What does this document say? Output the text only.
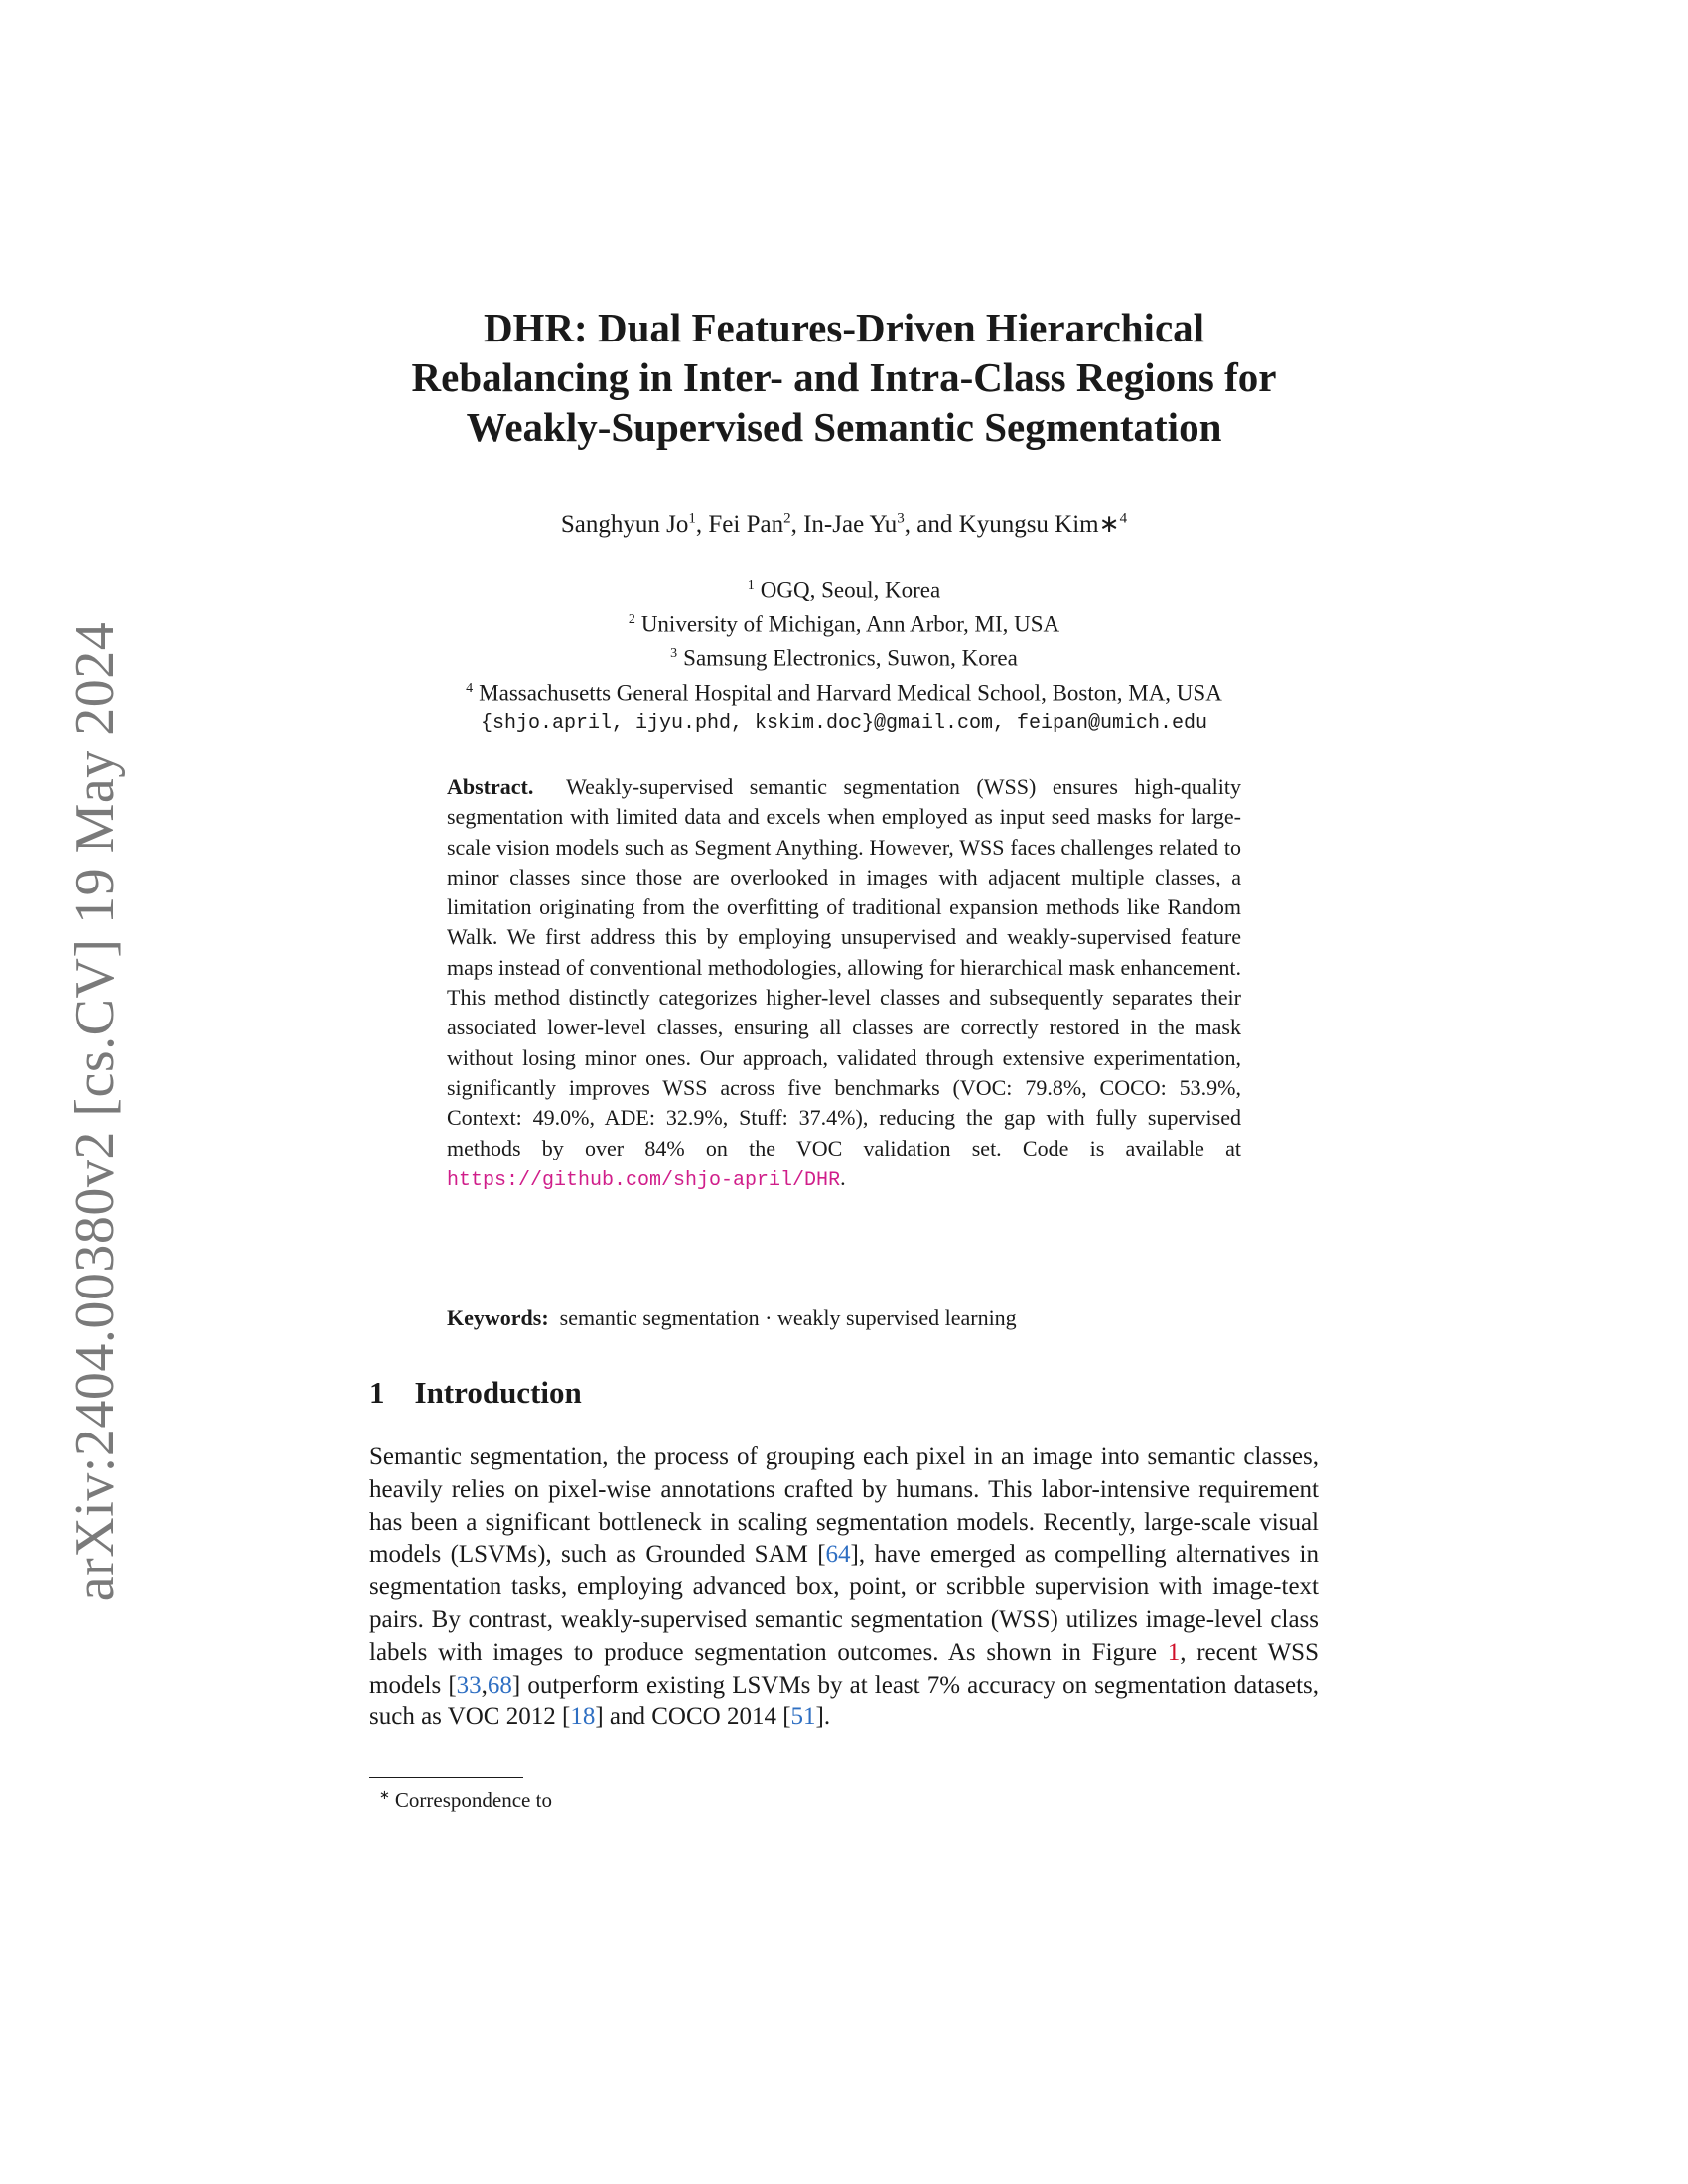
arXiv:2404.00380v2 [cs.CV] 19 May 2024
DHR: Dual Features-Driven Hierarchical
Rebalancing in Inter- and Intra-Class Regions for
Weakly-Supervised Semantic Segmentation
Sanghyun Jo$^1$, Fei Pan$^2$, In-Jae Yu$^3$, and Kyungsu Kim∗$^4$
$^1$ OGQ, Seoul, Korea
$^2$ University of Michigan, Ann Arbor, MI, USA
$^3$ Samsung Electronics, Suwon, Korea
$^4$ Massachusetts General Hospital and Harvard Medical School, Boston, MA, USA
{shjo.april, ijyu.phd, kskim.doc}@gmail.com, feipan@umich.edu

Abstract. Weakly-supervised semantic segmentation (WSS) ensures high-quality segmentation with limited data and excels when employed as input seed masks for large-scale vision models such as Segment Anything. However, WSS faces challenges related to minor classes since those are overlooked in images with adjacent multiple classes, a limitation originating from the overfitting of traditional expansion methods like Random Walk. We first address this by employing unsupervised and weakly-supervised feature maps instead of conventional methodologies, allowing for hierarchical mask enhancement. This method distinctly categorizes higher-level classes and subsequently separates their associated lower-level classes, ensuring all classes are correctly restored in the mask without losing minor ones. Our approach, validated through extensive experimentation, significantly improves WSS across five benchmarks (VOC: 79.8%, COCO: 53.9%, Context: 49.0%, ADE: 32.9%, Stuff: 37.4%), reducing the gap with fully supervised methods by over 84% on the VOC validation set. Code is available at https://github.com/shjo-april/DHR.

Keywords: semantic segmentation · weakly supervised learning
1 Introduction

Semantic segmentation, the process of grouping each pixel in an image into semantic classes, heavily relies on pixel-wise annotations crafted by humans. This labor-intensive requirement has been a significant bottleneck in scaling segmentation models. Recently, large-scale visual models (LSVMs), such as Grounded SAM [64], have emerged as compelling alternatives in segmentation tasks, employing advanced box, point, or scribble supervision with image-text pairs. By contrast, weakly-supervised semantic segmentation (WSS) utilizes image-level class labels with images to produce segmentation outcomes. As shown in Figure 1, recent WSS models [33,68] outperform existing LSVMs by at least 7% accuracy on segmentation datasets, such as VOC 2012 [18] and COCO 2014 [51].

∗ Correspondence to
